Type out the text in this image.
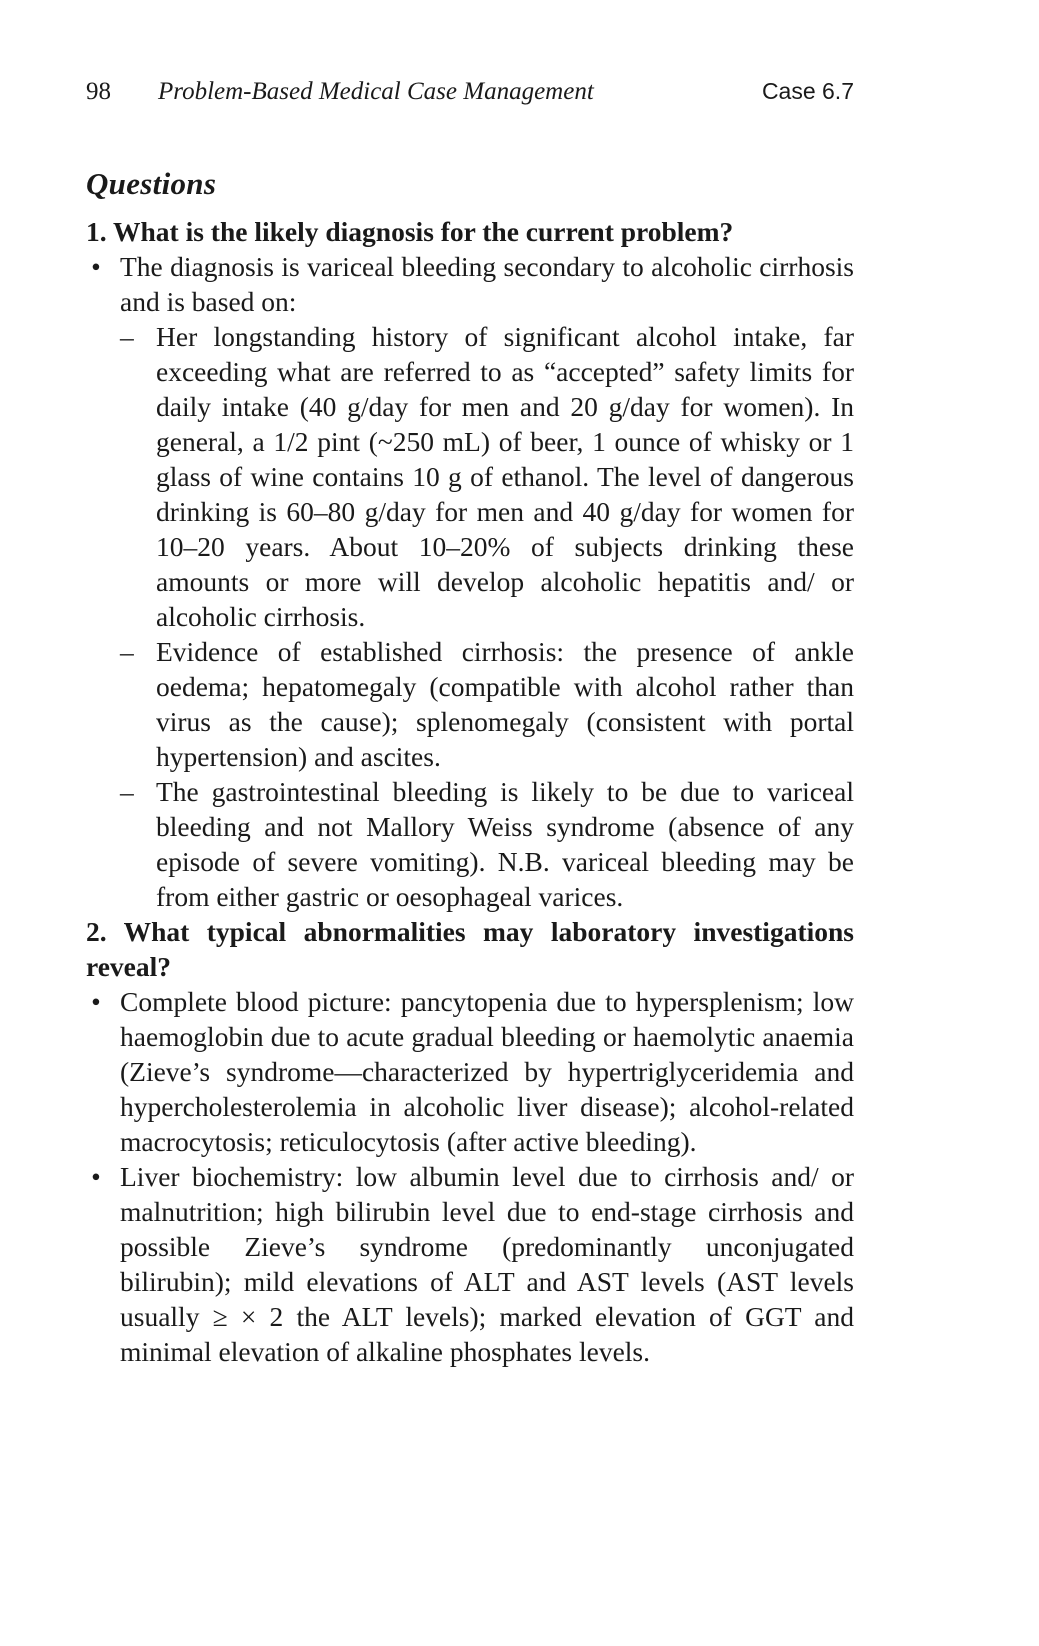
98 Problem-Based Medical Case Management	Case 6.7
Questions
1. What is the likely diagnosis for the current problem?
• The diagnosis is variceal bleeding secondary to alcoholic cirrhosis and is based on:
– Her longstanding history of significant alcohol intake, far exceeding what are referred to as “accepted” safety limits for daily intake (40 g/day for men and 20 g/day for women). In general, a 1/2 pint (~250 mL) of beer, 1 ounce of whisky or 1 glass of wine contains 10 g of ethanol. The level of dangerous drinking is 60–80 g/day for men and 40 g/day for women for 10–20 years. About 10–20% of subjects drinking these amounts or more will develop alcoholic hepatitis and/ or alcoholic cirrhosis.
– Evidence of established cirrhosis: the presence of ankle oedema; hepatomegaly (compatible with alcohol rather than virus as the cause); splenomegaly (consistent with portal hypertension) and ascites.
– The gastrointestinal bleeding is likely to be due to variceal bleeding and not Mallory Weiss syndrome (absence of any episode of severe vomiting). N.B. variceal bleeding may be from either gastric or oesophageal varices.
2. What typical abnormalities may laboratory investigations reveal?
• Complete blood picture: pancytopenia due to hypersplenism; low haemoglobin due to acute gradual bleeding or haemolytic anaemia (Zieve’s syndrome—characterized by hypertriglyceridemia and hypercholesterolemia in alcoholic liver disease); alcohol-related macrocytosis; reticulocytosis (after active bleeding).
• Liver biochemistry: low albumin level due to cirrhosis and/ or malnutrition; high bilirubin level due to end-stage cirrhosis and possible Zieve’s syndrome (predominantly unconjugated bilirubin); mild elevations of ALT and AST levels (AST levels usually ≥ × 2 the ALT levels); marked elevation of GGT and minimal elevation of alkaline phosphates levels.
